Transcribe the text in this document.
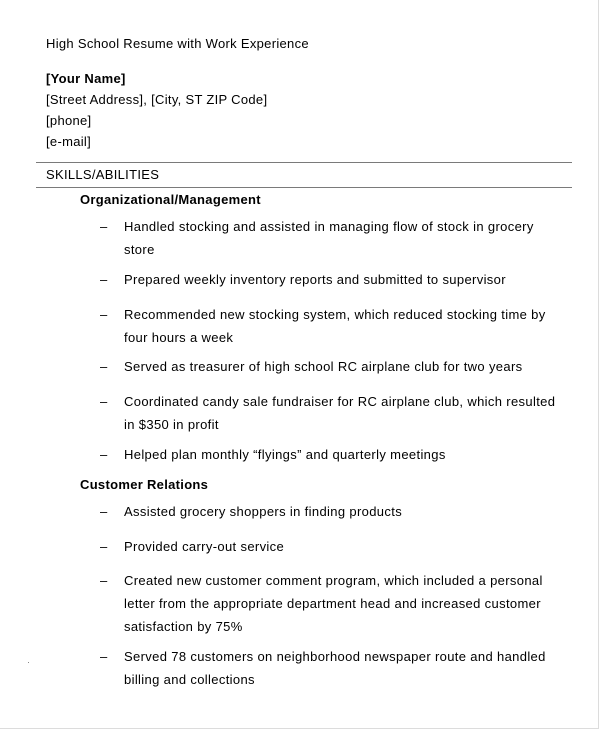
High School Resume with Work Experience
[Your Name]
[Street Address], [City, ST ZIP Code]
[phone]
[e-mail]
SKILLS/ABILITIES
Organizational/Management
– Handled stocking and assisted in managing flow of stock in grocery store
– Prepared weekly inventory reports and submitted to supervisor
– Recommended new stocking system, which reduced stocking time by four hours a week
– Served as treasurer of high school RC airplane club for two years
– Coordinated candy sale fundraiser for RC airplane club, which resulted in $350 in profit
– Helped plan monthly “flyings” and quarterly meetings
Customer Relations
– Assisted grocery shoppers in finding products
– Provided carry-out service
– Created new customer comment program, which included a personal letter from the appropriate department head and increased customer satisfaction by 75%
– Served 78 customers on neighborhood newspaper route and handled billing and collections
